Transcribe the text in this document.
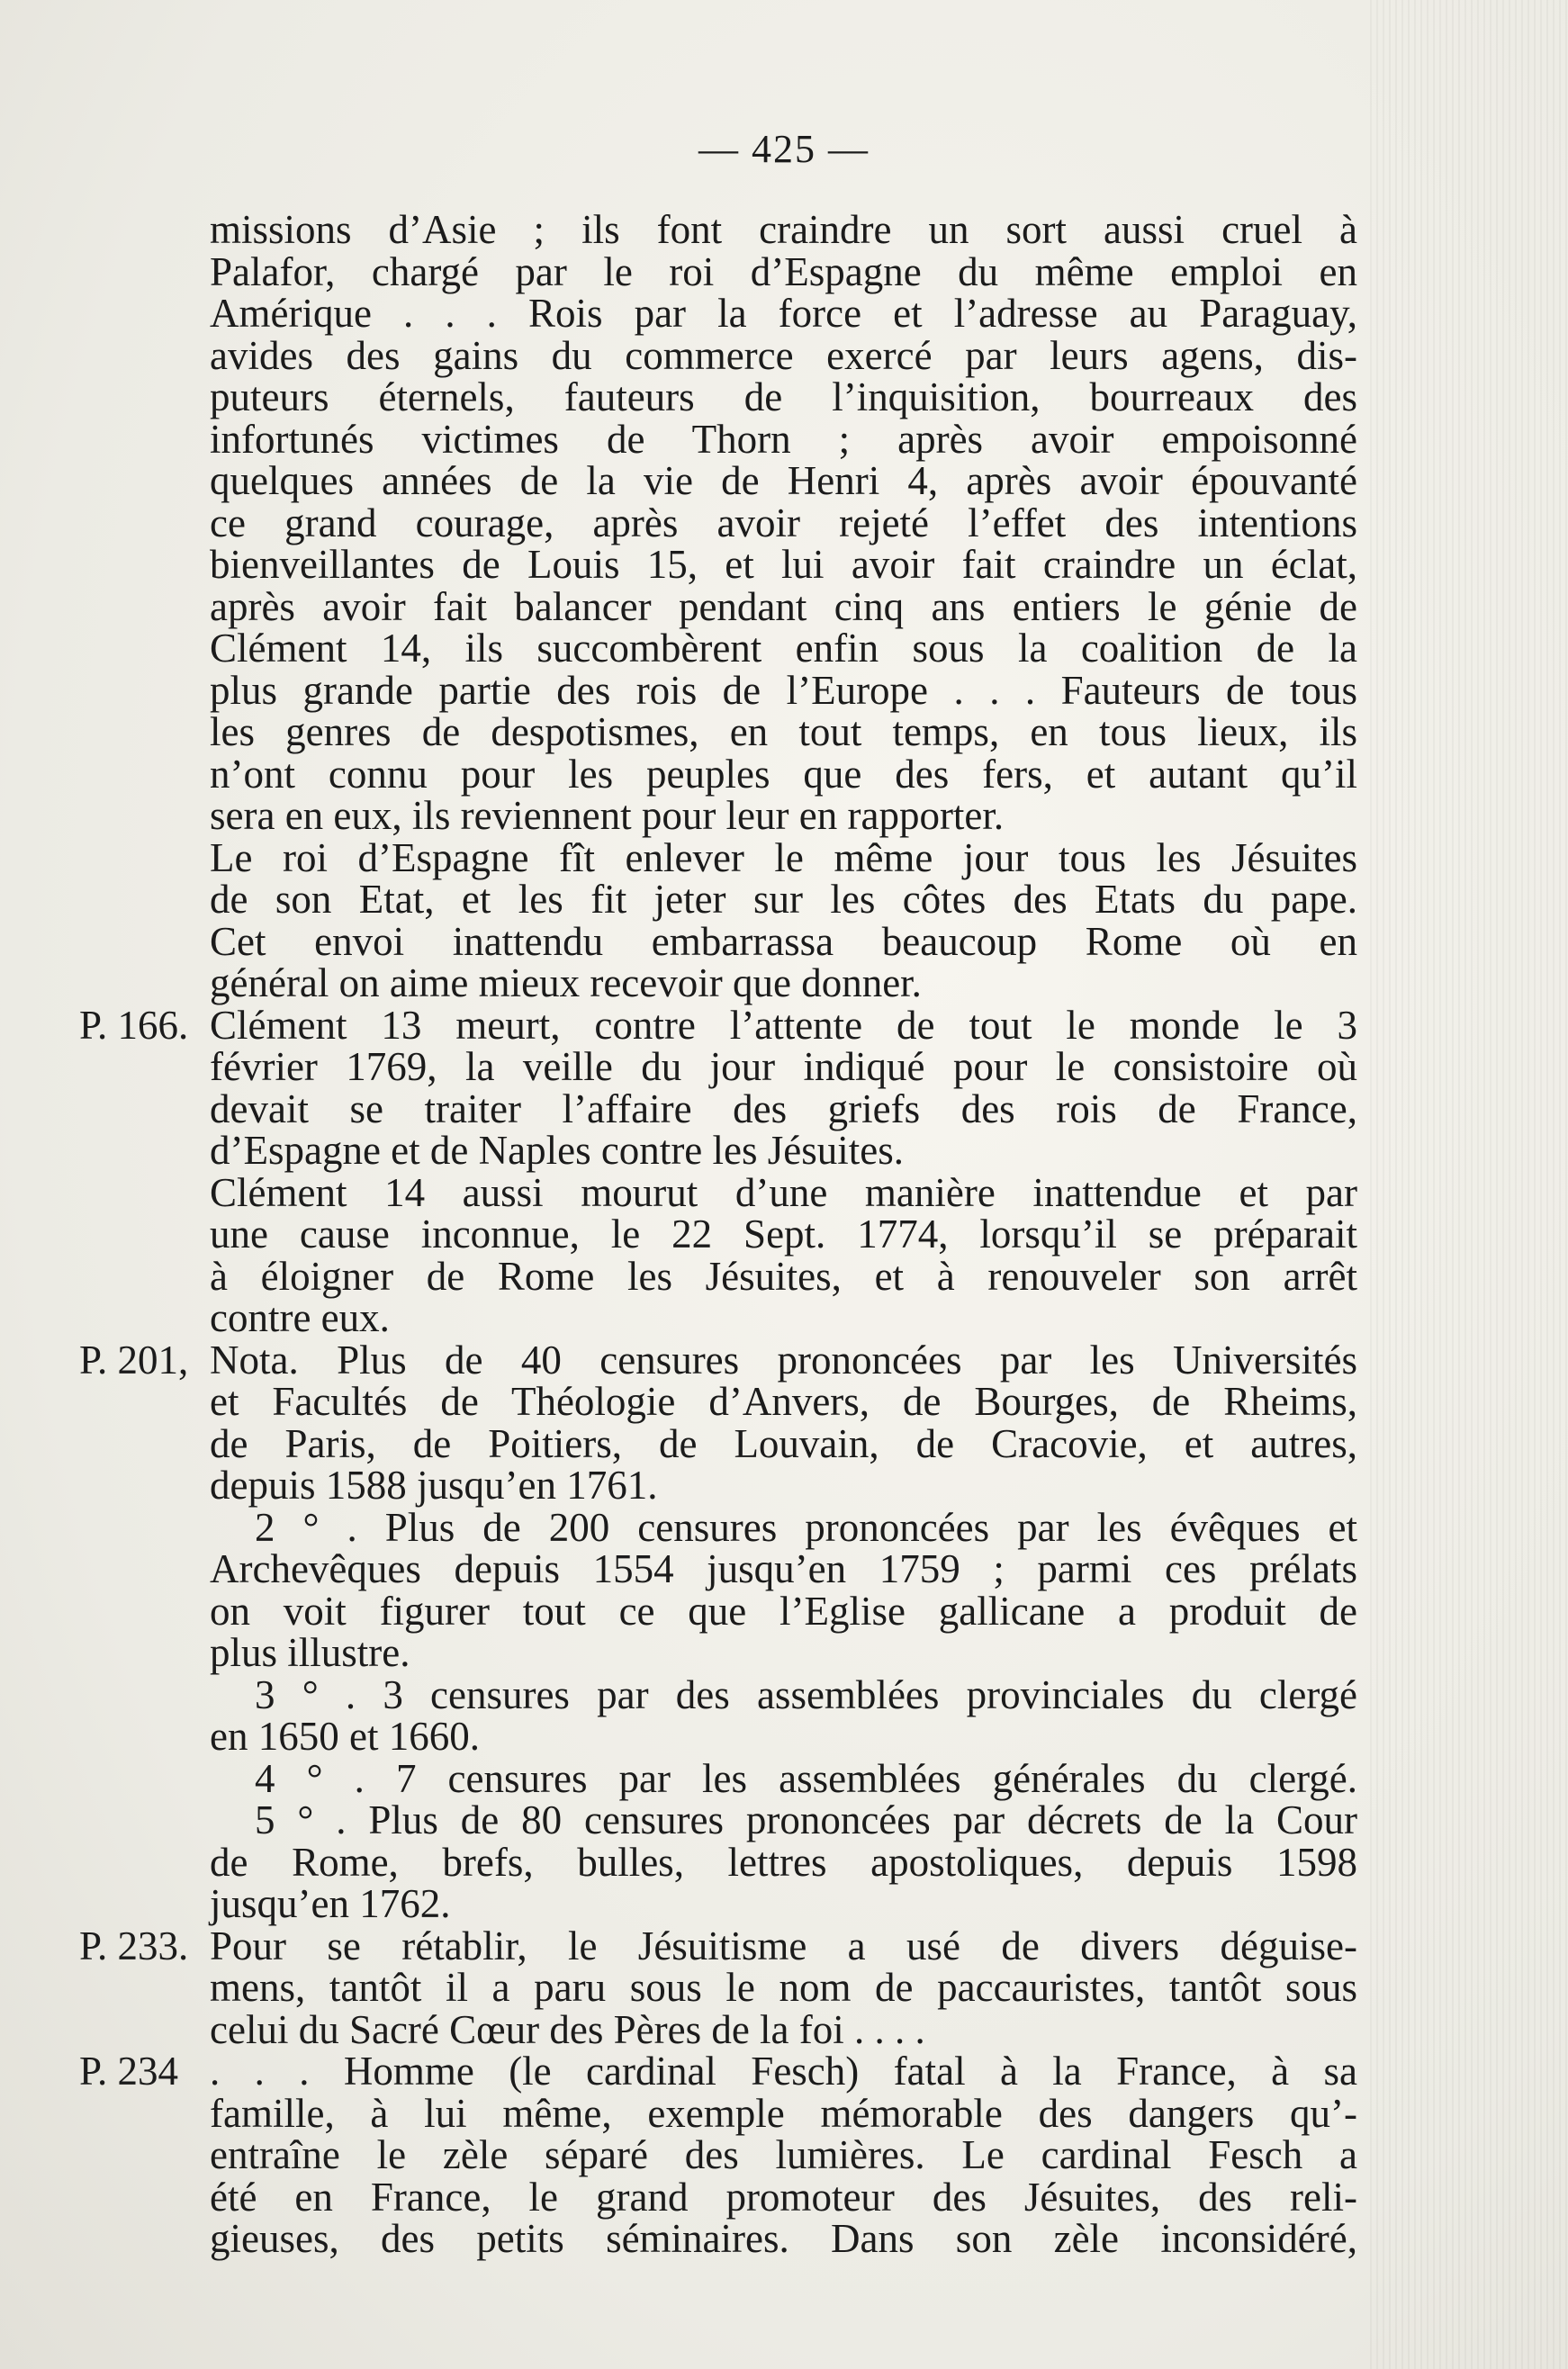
— 425 —
missions d’Asie ; ils font craindre un sort aussi cruel à
Palafor, chargé par le roi d’Espagne du même emploi en
Amérique . . . Rois par la force et l’adresse au Paraguay,
avides des gains du commerce exercé par leurs agens, dis-
puteurs éternels, fauteurs de l’inquisition, bourreaux des
infortunés victimes de Thorn ; après avoir empoisonné
quelques années de la vie de Henri 4, après avoir épouvanté
ce grand courage, après avoir rejeté l’effet des intentions
bienveillantes de Louis 15, et lui avoir fait craindre un éclat,
après avoir fait balancer pendant cinq ans entiers le génie de
Clément 14, ils succombèrent enfin sous la coalition de la
plus grande partie des rois de l’Europe . . . Fauteurs de tous
les genres de despotismes, en tout temps, en tous lieux, ils
n’ont connu pour les peuples que des fers, et autant qu’il
sera en eux, ils reviennent pour leur en rapporter.
Le roi d’Espagne fît enlever le même jour tous les Jésuites
de son Etat, et les fit jeter sur les côtes des Etats du pape.
Cet envoi inattendu embarrassa beaucoup Rome où en
général on aime mieux recevoir que donner.
P. 166. Clément 13 meurt, contre l’attente de tout le monde le 3
février 1769, la veille du jour indiqué pour le consistoire où
devait se traiter l’affaire des griefs des rois de France,
d’Espagne et de Naples contre les Jésuites.
Clément 14 aussi mourut d’une manière inattendue et par
une cause inconnue, le 22 Sept. 1774, lorsqu’il se préparait
à éloigner de Rome les Jésuites, et à renouveler son arrêt
contre eux.
P. 201, Nota. Plus de 40 censures prononcées par les Universités
et Facultés de Théologie d’Anvers, de Bourges, de Rheims,
de Paris, de Poitiers, de Louvain, de Cracovie, et autres,
depuis 1588 jusqu’en 1761.
2 ° . Plus de 200 censures prononcées par les évêques et
Archevêques depuis 1554 jusqu’en 1759 ; parmi ces prélats
on voit figurer tout ce que l’Eglise gallicane a produit de
plus illustre.
3 ° . 3 censures par des assemblées provinciales du clergé
en 1650 et 1660.
4 ° . 7 censures par les assemblées générales du clergé.
5 ° . Plus de 80 censures prononcées par décrets de la Cour
de Rome, brefs, bulles, lettres apostoliques, depuis 1598
jusqu’en 1762.
P. 233. Pour se rétablir, le Jésuitisme a usé de divers déguise-
mens, tantôt il a paru sous le nom de paccauristes, tantôt sous
celui du Sacré Cœur des Pères de la foi . . . .
P. 234 . . . Homme (le cardinal Fesch) fatal à la France, à sa
famille, à lui même, exemple mémorable des dangers qu’-
entraîne le zèle séparé des lumières. Le cardinal Fesch a
été en France, le grand promoteur des Jésuites, des reli-
gieuses, des petits séminaires. Dans son zèle inconsidéré,
